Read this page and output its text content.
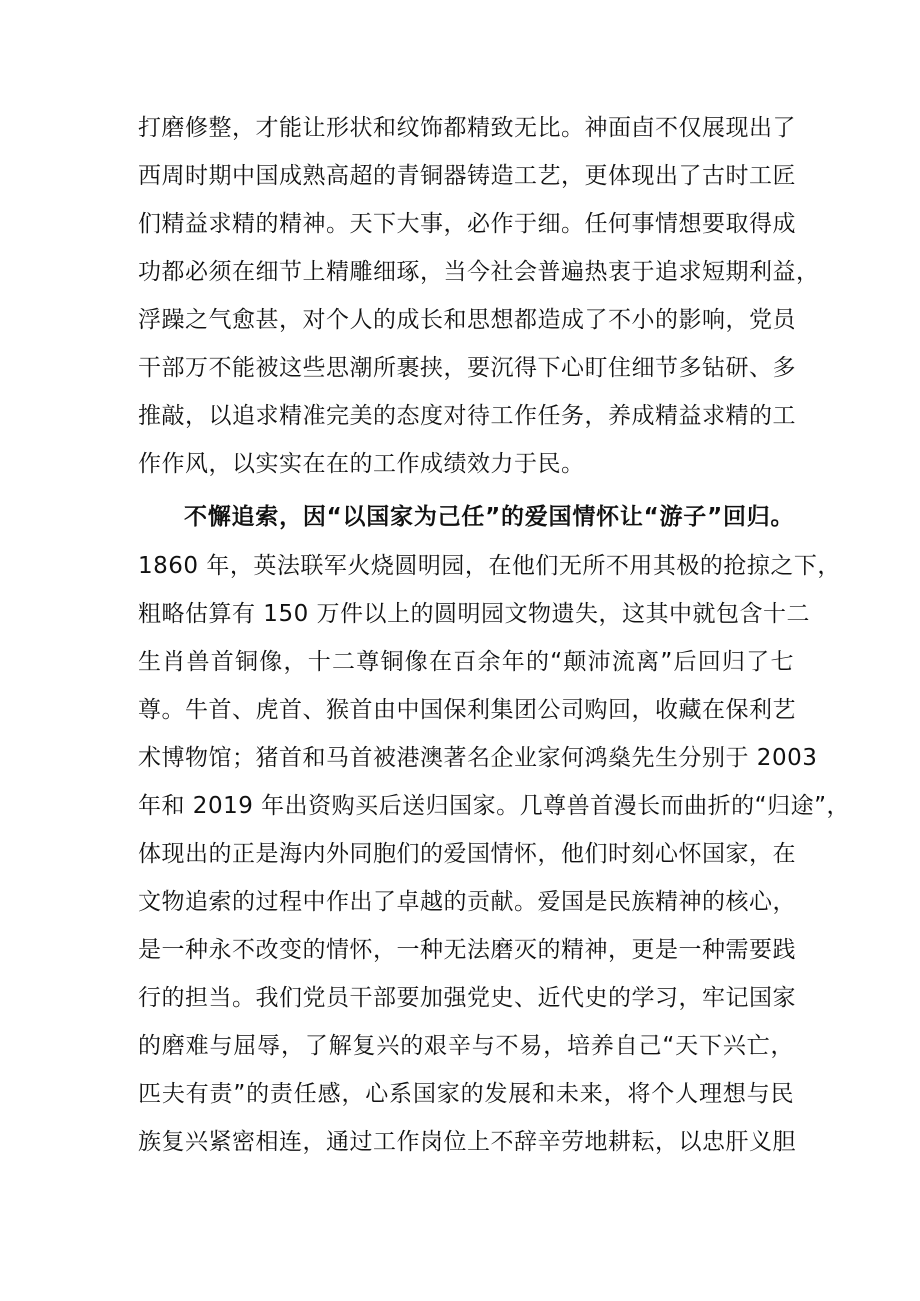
打磨修整，才能让形状和纹饰都精致无比。神面卣不仅展现出了
西周时期中国成熟高超的青铜器铸造工艺，更体现出了古时工匠
们精益求精的精神。天下大事，必作于细。任何事情想要取得成
功都必须在细节上精雕细琢，当今社会普遍热衷于追求短期利益，
浮躁之气愈甚，对个人的成长和思想都造成了不小的影响，党员
干部万不能被这些思潮所裹挟，要沉得下心盯住细节多钻研、多
推敲，以追求精准完美的态度对待工作任务，养成精益求精的工
作作风，以实实在在的工作成绩效力于民。
不懈追索，因“以国家为己任”的爱国情怀让“游子”回归。
1860 年，英法联军火烧圆明园，在他们无所不用其极的抢掠之下，
粗略估算有 150 万件以上的圆明园文物遗失，这其中就包含十二
生肖兽首铜像，十二尊铜像在百余年的“颠沛流离”后回归了七
尊。牛首、虎首、猴首由中国保利集团公司购回，收藏在保利艺
术博物馆；猪首和马首被港澳著名企业家何鸿燊先生分别于 2003
年和 2019 年出资购买后送归国家。几尊兽首漫长而曲折的“归途”，
体现出的正是海内外同胞们的爱国情怀，他们时刻心怀国家，在
文物追索的过程中作出了卓越的贡献。爱国是民族精神的核心，
是一种永不改变的情怀，一种无法磨灭的精神，更是一种需要践
行的担当。我们党员干部要加强党史、近代史的学习，牢记国家
的磨难与屈辱，了解复兴的艰辛与不易，培养自己“天下兴亡，
匹夫有责”的责任感，心系国家的发展和未来，将个人理想与民
族复兴紧密相连，通过工作岗位上不辞辛劳地耕耘，以忠肝义胆
